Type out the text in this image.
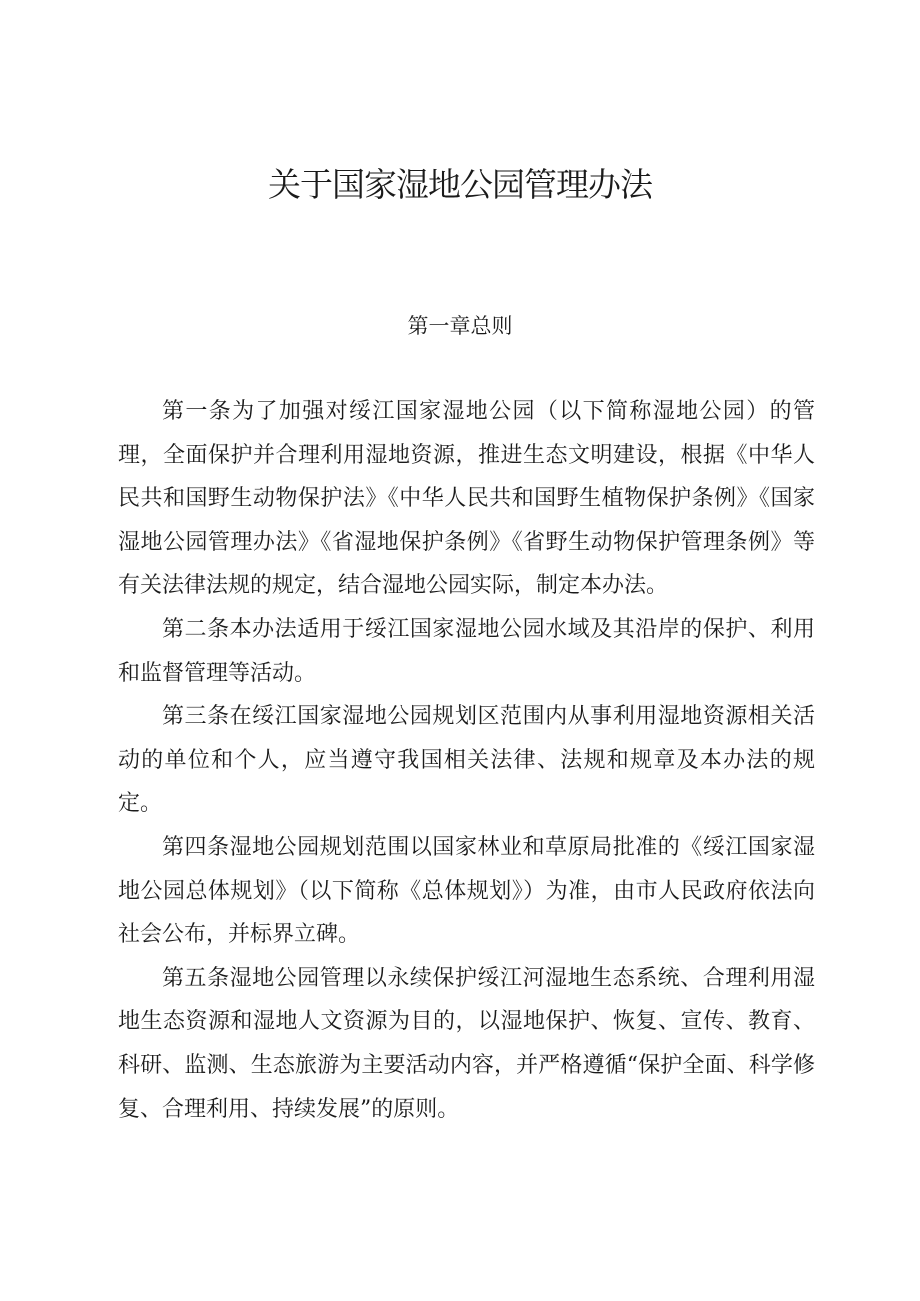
关于国家湿地公园管理办法
第一章总则

第一条为了加强对绥江国家湿地公园（以下简称湿地公园）的管理，全面保护并合理利用湿地资源，推进生态文明建设，根据《中华人民共和国野生动物保护法》《中华人民共和国野生植物保护条例》《国家湿地公园管理办法》《省湿地保护条例》《省野生动物保护管理条例》等有关法律法规的规定，结合湿地公园实际，制定本办法。

第二条本办法适用于绥江国家湿地公园水域及其沿岸的保护、利用和监督管理等活动。

第三条在绥江国家湿地公园规划区范围内从事利用湿地资源相关活动的单位和个人，应当遵守我国相关法律、法规和规章及本办法的规定。

第四条湿地公园规划范围以国家林业和草原局批准的《绥江国家湿地公园总体规划》（以下简称《总体规划》）为准，由市人民政府依法向社会公布，并标界立碑。

第五条湿地公园管理以永续保护绥江河湿地生态系统、合理利用湿地生态资源和湿地人文资源为目的，以湿地保护、恢复、宣传、教育、科研、监测、生态旅游为主要活动内容，并严格遵循“保护全面、科学修复、合理利用、持续发展”的原则。
